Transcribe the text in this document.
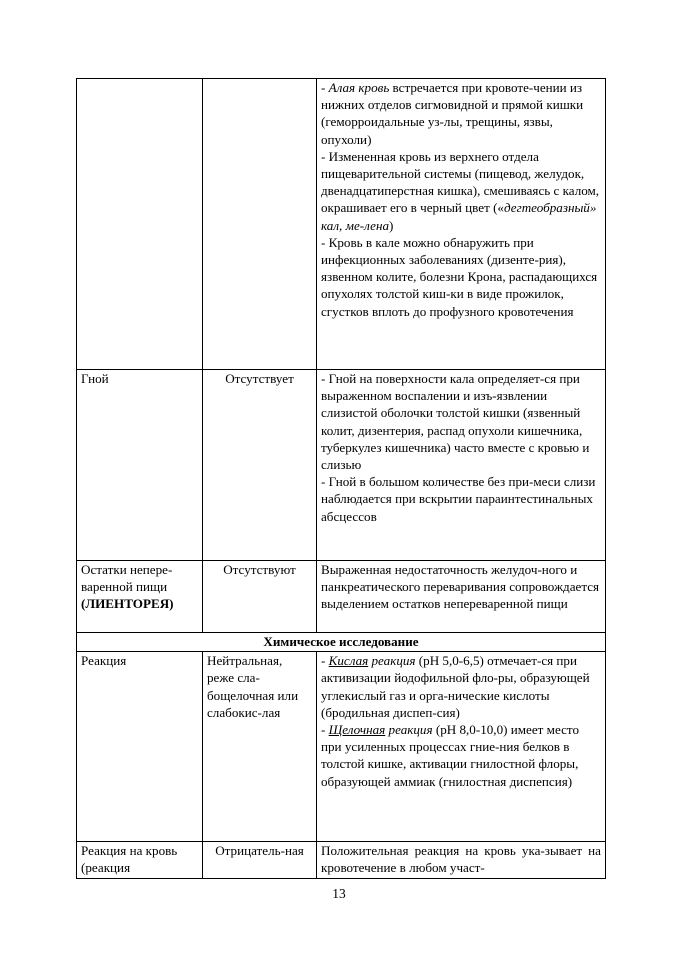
		- Алая кровь встречается при кровоте-чении из нижних отделов сигмовидной и прямой кишки (геморроидальные уз-лы, трещины, язвы, опухоли)

- Измененная кровь из верхнего отдела пищеварительной системы (пищевод, желудок, двенадцатиперстная кишка), смешиваясь с калом, окрашивает его в черный цвет («дегтеобразный» кал, ме-лена)

- Кровь в кале можно обнаружить при инфекционных заболеваниях (дизенте-рия), язвенном колите, болезни Крона, распадающихся опухолях толстой киш-ки в виде прожилок, сгустков вплоть до профузного кровотечения

Гной	Отсутствует	- Гной на поверхности кала определяет-ся при выраженном воспалении и изъ-язвлении слизистой оболочки толстой кишки (язвенный колит, дизентерия, распад опухоли кишечника, туберкулез кишечника) часто вместе с кровью и слизью

- Гной в большом количестве без при-меси слизи наблюдается при вскрытии параинтестинальных абсцессов

Остатки непере-варенной пищи
(ЛИЕНТОРЕЯ)	Отсутствуют	Выраженная недостаточность желудоч-ного и панкреатического переваривания сопровождается выделением остатков непереваренной пищи

Химическое исследование		
Реакция	Нейтральная, реже сла-бощелочная или слабокис-лая	- Кислая реакция (pH 5,0-6,5) отмечает-ся при активизации йодофильной фло-ры, образующей углекислый газ и орга-нические кислоты (бродильная диспеп-сия)

- Щелочная реакция (pH 8,0-10,0) имеет место при усиленных процессах гние-ния белков в толстой кишке, активации гнилостной флоры, образующей аммиак (гнилостная диспепсия)

Реакция на кровь (реакция	Отрицатель-ная	Положительная реакция на кровь ука-зывает на кровотечение в любом участ-

13
